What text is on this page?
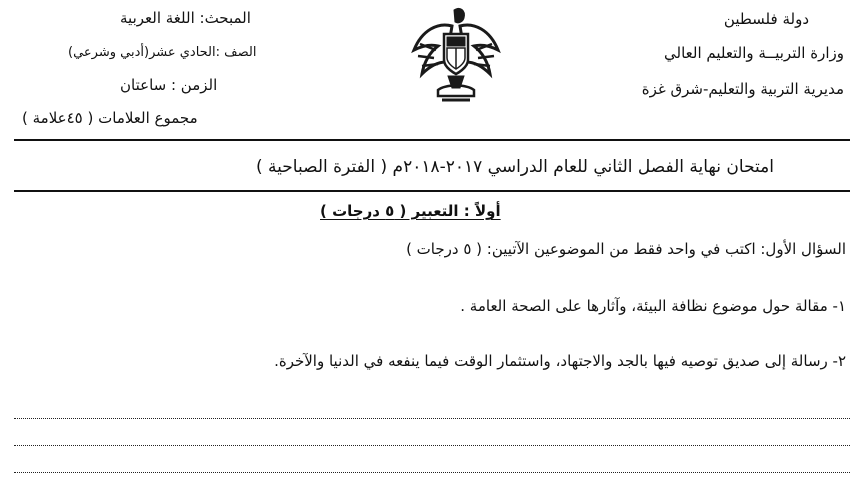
دولة فلسطين
وزارة التربيــة والتعليم العالي
مديرية التربية والتعليم-شرق غزة
المبحث: اللغة العربية
الصف :الحادي عشر(أدبي وشرعي)
الزمن : ساعتان
مجموع العلامات ( ٤٥علامة )
امتحان نهاية الفصل الثاني للعام الدراسي ٢٠١٧-٢٠١٨م ( الفترة الصباحية )
أولاً : التعبير ( ٥ درجات )
السؤال الأول: اكتب في واحد فقط من الموضوعين الآتيين: ( ٥ درجات )
١- مقالة حول موضوع نظافة البيئة، وآثارها على الصحة العامة .
٢- رسالة إلى صديق توصيه فيها بالجد والاجتهاد، واستثمار الوقت فيما ينفعه في الدنيا والآخرة.
